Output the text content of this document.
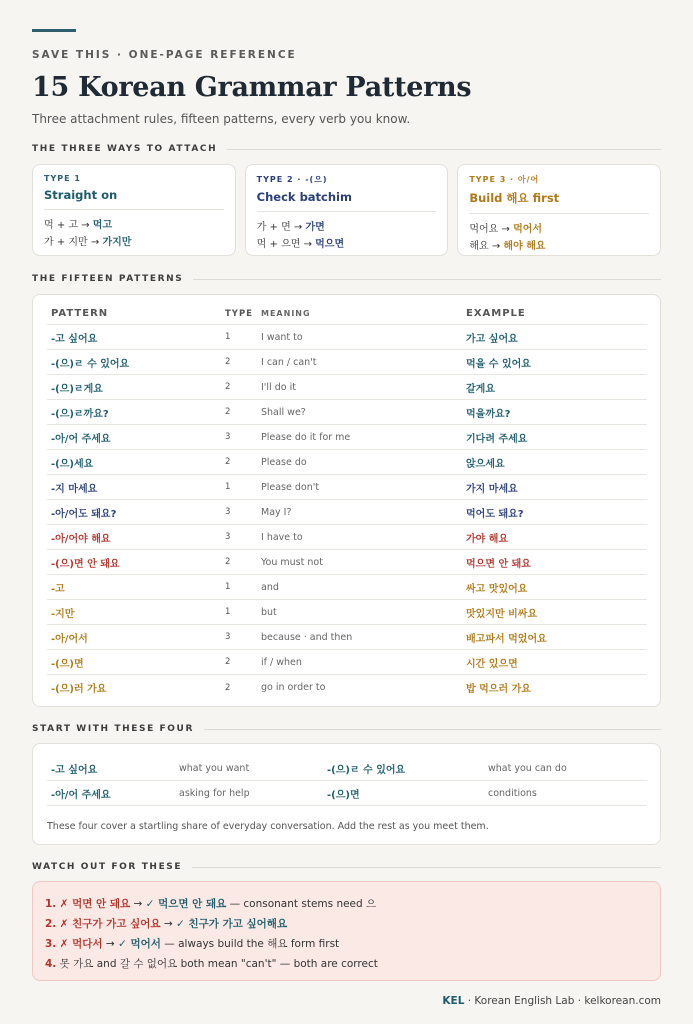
SAVE THIS · ONE-PAGE REFERENCE
15 Korean Grammar Patterns
Three attachment rules, fifteen patterns, every verb you know.
THE THREE WAYS TO ATTACH
TYPE 1
Straight on
먹 + 고 → 먹고
가 + 지만 → 가지만
TYPE 2 · -(으)
Check batchim
가 + 면 → 가면
먹 + 으면 → 먹으면
TYPE 3 · 아/어
Build 해요 first
먹어요 → 먹어서
해요 → 해야 해요
THE FIFTEEN PATTERNS
PATTERN	TYPE	MEANING	EXAMPLE
-고 싶어요	1	I want to	가고 싶어요
-(으)ㄹ 수 있어요	2	I can / can't	먹을 수 있어요
-(으)ㄹ게요	2	I'll do it	갈게요
-(으)ㄹ까요?	2	Shall we?	먹을까요?
-아/어 주세요	3	Please do it for me	기다려 주세요
-(으)세요	2	Please do	앉으세요
-지 마세요	1	Please don't	가지 마세요
-아/어도 돼요?	3	May I?	먹어도 돼요?
-아/어야 해요	3	I have to	가야 해요
-(으)면 안 돼요	2	You must not	먹으면 안 돼요
-고	1	and	싸고 맛있어요
-지만	1	but	맛있지만 비싸요
-아/어서	3	because · and then	배고파서 먹었어요
-(으)면	2	if / when	시간 있으면
-(으)러 가요	2	go in order to	밥 먹으러 가요
START WITH THESE FOUR
-고 싶어요	what you want	-(으)ㄹ 수 있어요	what you can do
-아/어 주세요	asking for help	-(으)면	conditions
These four cover a startling share of everyday conversation. Add the rest as you meet them.
WATCH OUT FOR THESE
1. ✗ 먹면 안 돼요 → ✓ 먹으면 안 돼요 — consonant stems need 으
2. ✗ 친구가 가고 싶어요 → ✓ 친구가 가고 싶어해요
3. ✗ 먹다서 → ✓ 먹어서 — always build the 해요 form first
4. 못 가요 and 갈 수 없어요 both mean "can't" — both are correct
KEL · Korean English Lab · kelkorean.com
